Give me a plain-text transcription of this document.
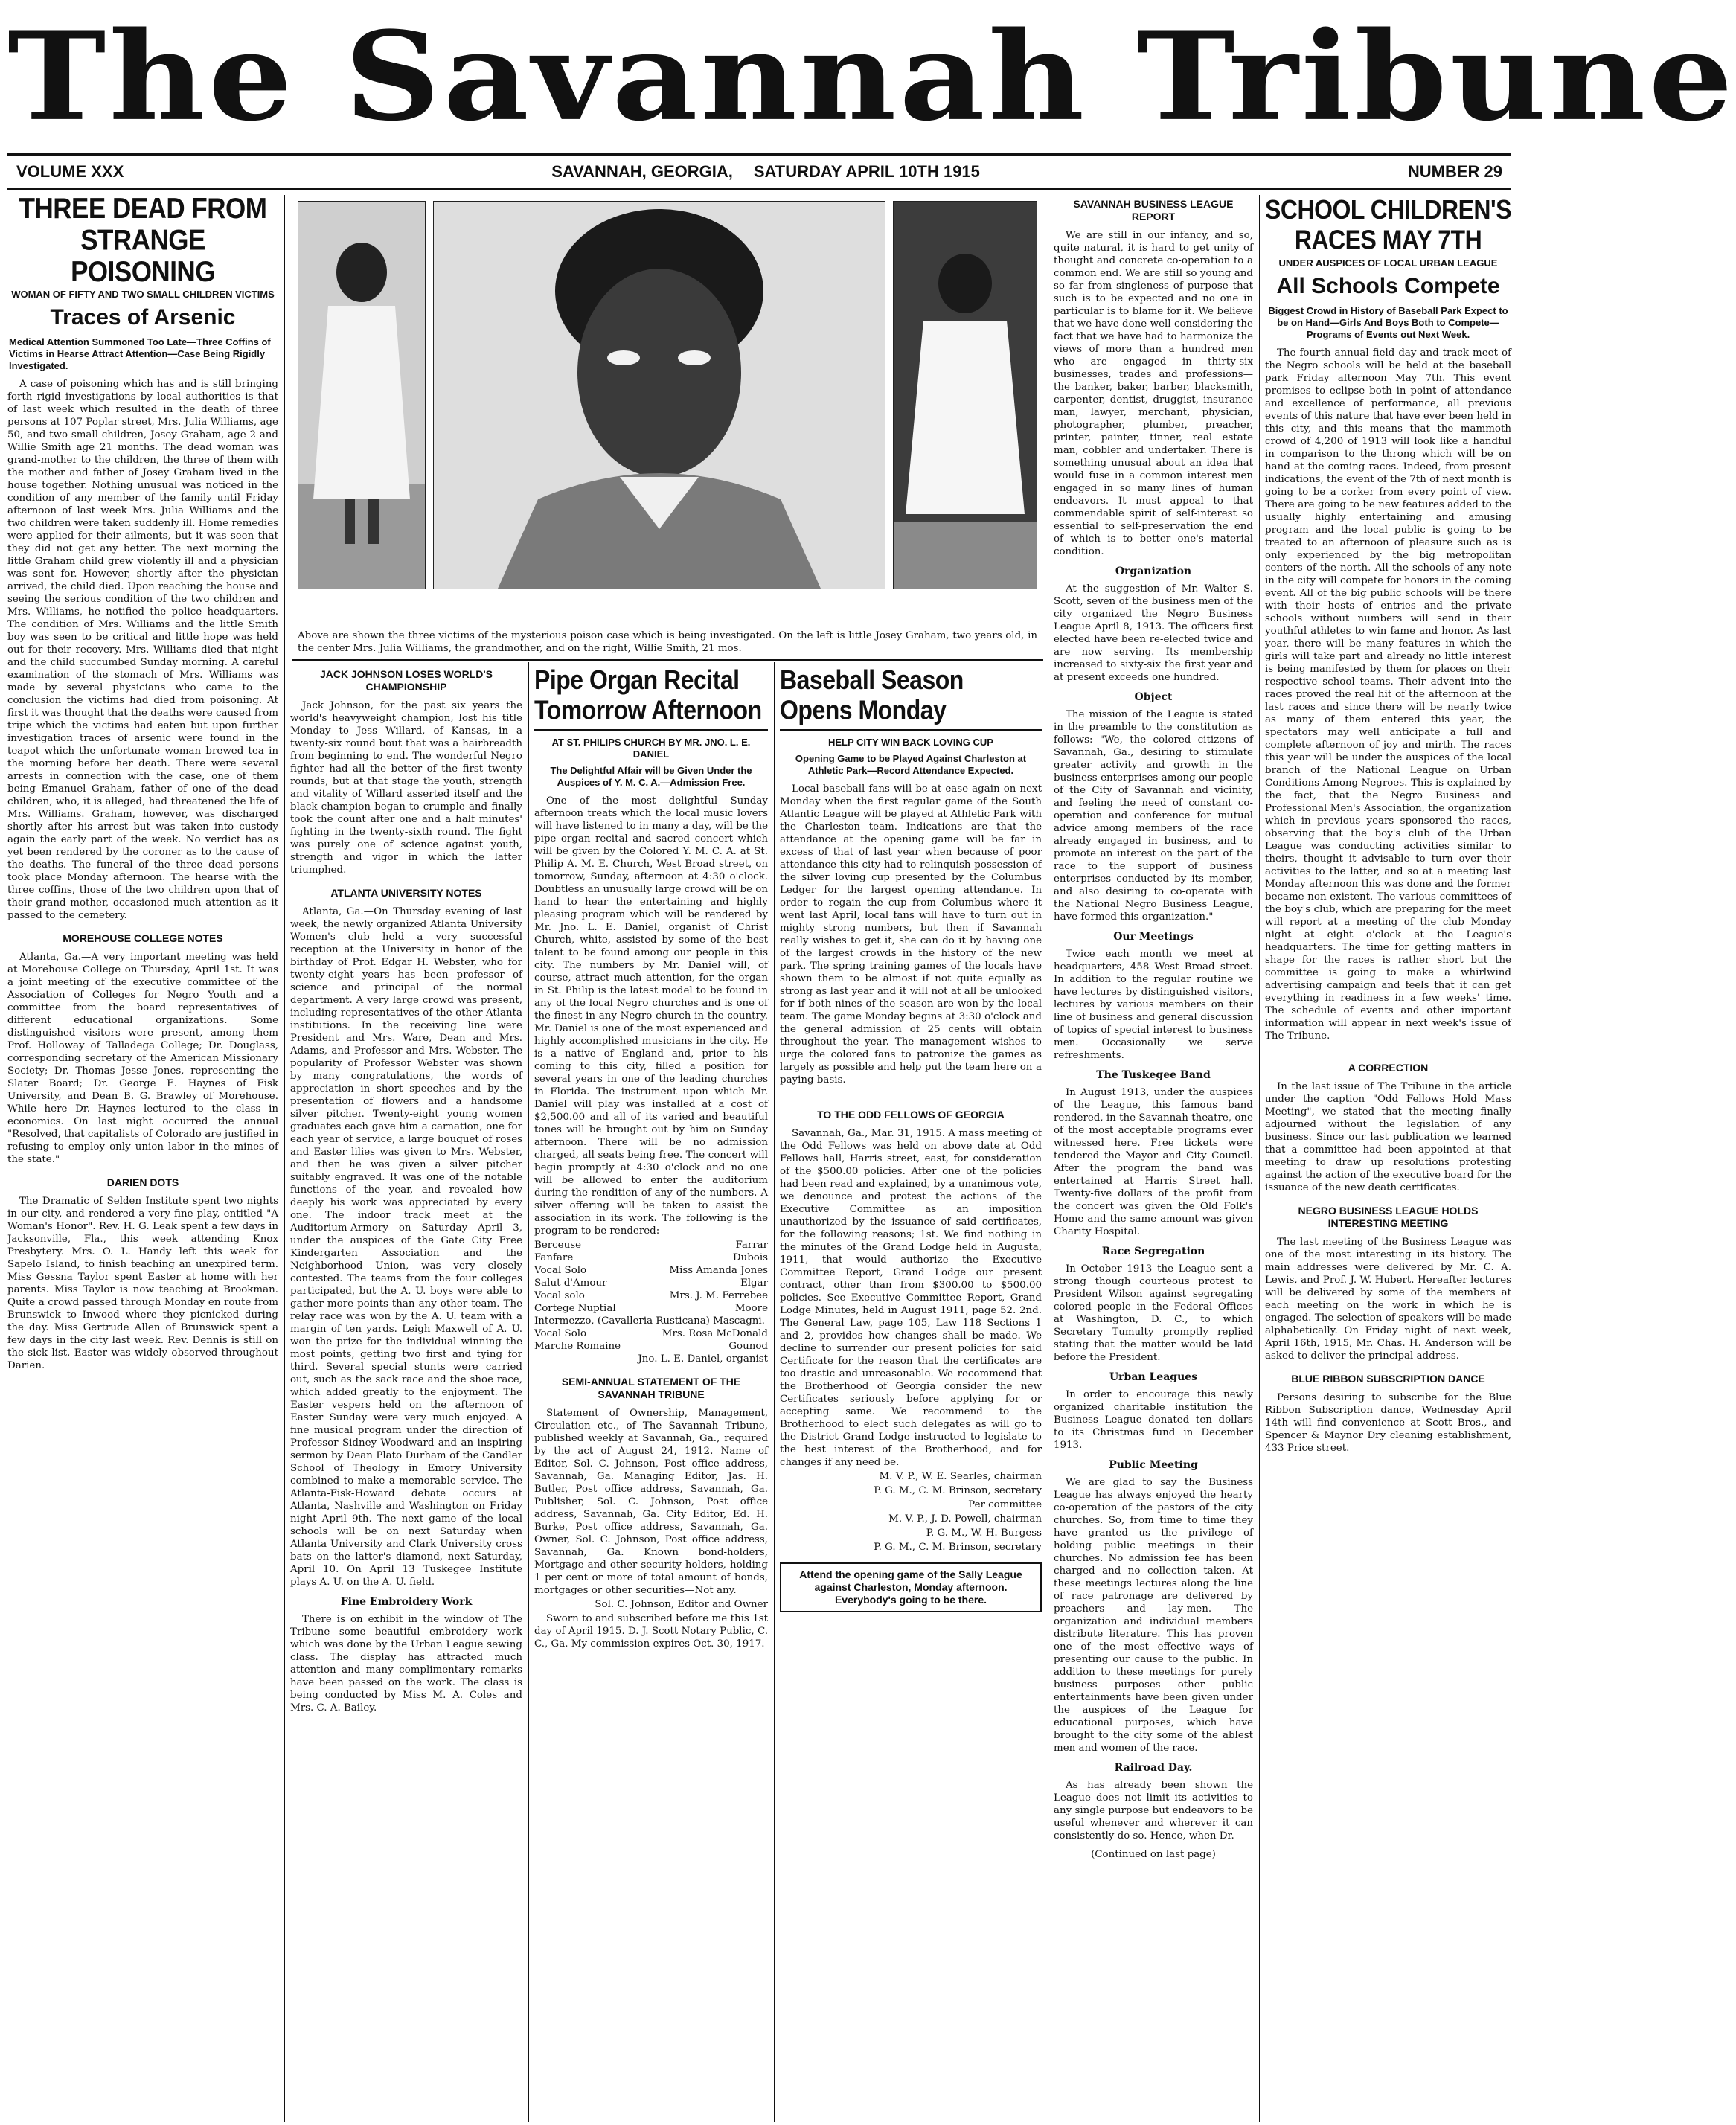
The Savannah Tribune
VOLUME XXX	SAVANNAH, GEORGIA, SATURDAY APRIL 10TH 1915	NUMBER 29
THREE DEAD FROM STRANGE POISONING
WOMAN OF FIFTY AND TWO SMALL CHILDREN VICTIMS
Traces of Arsenic
Medical Attention Summoned Too Late—Three Coffins of Victims in Hearse Attract Attention—Case Being Rigidly Investigated.

A case of poisoning which has and is still bringing forth rigid investigations by local authorities is that of last week which resulted in the death of three persons at 107 Poplar street, Mrs. Julia Williams, age 50, and two small children, Josey Graham, age 2 and Willie Smith age 21 months. The dead woman was grand-mother to the children, the three of them with the mother and father of Josey Graham lived in the house together. Nothing unusual was noticed in the condition of any member of the family until Friday afternoon of last week Mrs. Julia Williams and the two children were taken suddenly ill. Home remedies were applied for their ailments, but it was seen that they did not get any better. The next morning the little Graham child grew violently ill and a physician was sent for. However, shortly after the physician arrived, the child died. Upon reaching the house and seeing the serious condition of the two children and Mrs. Williams, he notified the police headquarters. The condition of Mrs. Williams and the little Smith boy was seen to be critical and little hope was held out for their recovery. Mrs. Williams died that night and the child succumbed Sunday morning. A careful examination of the stomach of Mrs. Williams was made by several physicians who came to the conclusion the victims had died from poisoning. At first it was thought that the deaths were caused from tripe which the victims had eaten but upon further investigation traces of arsenic were found in the teapot which the unfortunate woman brewed tea in the morning before her death. There were several arrests in connection with the case, one of them being Emanuel Graham, father of one of the dead children, who, it is alleged, had threatened the life of Mrs. Williams. Graham, however, was discharged shortly after his arrest but was taken into custody again the early part of the week. No verdict has as yet been rendered by the coroner as to the cause of the deaths. The funeral of the three dead persons took place Monday afternoon. The hearse with the three coffins, those of the two children upon that of their grand mother, occasioned much attention as it passed to the cemetery.

MOREHOUSE COLLEGE NOTES

Atlanta, Ga.—A very important meeting was held at Morehouse College on Thursday, April 1st. It was a joint meeting of the executive committee of the Association of Colleges for Negro Youth and a committee from the board representatives of different educational organizations. Some distinguished visitors were present, among them Prof. Holloway of Talladega College; Dr. Douglass, corresponding secretary of the American Missionary Society; Dr. Thomas Jesse Jones, representing the Slater Board; Dr. George E. Haynes of Fisk University, and Dean B. G. Brawley of Morehouse. While here Dr. Haynes lectured to the class in economics. On last night occurred the annual "Resolved, that capitalists of Colorado are justified in refusing to employ only union labor in the mines of the state."

DARIEN DOTS

The Dramatic of Selden Institute spent two nights in our city, and rendered a very fine play, entitled "A Woman's Honor". Rev. H. G. Leak spent a few days in Jacksonville, Fla., this week attending Knox Presbytery. Mrs. O. L. Handy left this week for Sapelo Island, to finish teaching an unexpired term. Miss Gessna Taylor spent Easter at home with her parents. Miss Taylor is now teaching at Brookman. Quite a crowd passed through Monday en route from Brunswick to Inwood where they picnicked during the day. Miss Gertrude Allen of Brunswick spent a few days in the city last week. Rev. Dennis is still on the sick list. Easter was widely observed throughout Darien.

Above are shown the three victims of the mysterious poison case which is being investigated. On the left is little Josey Graham, two years old, in the center Mrs. Julia Williams, the grandmother, and on the right, Willie Smith, 21 mos.
JACK JOHNSON LOSES WORLD'S CHAMPIONSHIP

Jack Johnson, for the past six years the world's heavyweight champion, lost his title Monday to Jess Willard, of Kansas, in a twenty-six round bout that was a hairbreadth from beginning to end. The wonderful Negro fighter had all the better of the first twenty rounds, but at that stage the youth, strength and vitality of Willard asserted itself and the black champion began to crumple and finally took the count after one and a half minutes' fighting in the twenty-sixth round. The fight was purely one of science against youth, strength and vigor in which the latter triumphed.

ATLANTA UNIVERSITY NOTES

Atlanta, Ga.—On Thursday evening of last week, the newly organized Atlanta University Women's club held a very successful reception at the University in honor of the birthday of Prof. Edgar H. Webster, who for twenty-eight years has been professor of science and principal of the normal department. A very large crowd was present, including representatives of the other Atlanta institutions. In the receiving line were President and Mrs. Ware, Dean and Mrs. Adams, and Professor and Mrs. Webster. The popularity of Professor Webster was shown by many congratulations, the words of appreciation in short speeches and by the presentation of flowers and a handsome silver pitcher. Twenty-eight young women graduates each gave him a carnation, one for each year of service, a large bouquet of roses and Easter lilies was given to Mrs. Webster, and then he was given a silver pitcher suitably engraved. It was one of the notable functions of the year, and revealed how deeply his work was appreciated by every one. The indoor track meet at the Auditorium-Armory on Saturday April 3, under the auspices of the Gate City Free Kindergarten Association and the Neighborhood Union, was very closely contested. The teams from the four colleges participated, but the A. U. boys were able to gather more points than any other team. The relay race was won by the A. U. team with a margin of ten yards. Leigh Maxwell of A. U. won the prize for the individual winning the most points, getting two first and tying for third. Several special stunts were carried out, such as the sack race and the shoe race, which added greatly to the enjoyment. The Easter vespers held on the afternoon of Easter Sunday were very much enjoyed. A fine musical program under the direction of Professor Sidney Woodward and an inspiring sermon by Dean Plato Durham of the Candler School of Theology in Emory University combined to make a memorable service. The Atlanta-Fisk-Howard debate occurs at Atlanta, Nashville and Washington on Friday night April 9th. The next game of the local schools will be on next Saturday when Atlanta University and Clark University cross bats on the latter's diamond, next Saturday, April 10. On April 13 Tuskegee Institute plays A. U. on the A. U. field.

Fine Embroidery Work

There is on exhibit in the window of The Tribune some beautiful embroidery work which was done by the Urban League sewing class. The display has attracted much attention and many complimentary remarks have been passed on the work. The class is being conducted by Miss M. A. Coles and Mrs. C. A. Bailey.

Pipe Organ Recital Tomorrow Afternoon
AT ST. PHILIPS CHURCH BY MR. JNO. L. E. DANIEL
The Delightful Affair will be Given Under the Auspices of Y. M. C. A.—Admission Free.

One of the most delightful Sunday afternoon treats which the local music lovers will have listened to in many a day, will be the pipe organ recital and sacred concert which will be given by the Colored Y. M. C. A. at St. Philip A. M. E. Church, West Broad street, on tomorrow, Sunday, afternoon at 4:30 o'clock. Doubtless an unusually large crowd will be on hand to hear the entertaining and highly pleasing program which will be rendered by Mr. Jno. L. E. Daniel, organist of Christ Church, white, assisted by some of the best talent to be found among our people in this city. The numbers by Mr. Daniel will, of course, attract much attention, for the organ in St. Philip is the latest model to be found in any of the local Negro churches and is one of the finest in any Negro church in the country. Mr. Daniel is one of the most experienced and highly accomplished musicians in the city. He is a native of England and, prior to his coming to this city, filled a position for several years in one of the leading churches in Florida. The instrument upon which Mr. Daniel will play was installed at a cost of $2,500.00 and all of its varied and beautiful tones will be brought out by him on Sunday afternoon. There will be no admission charged, all seats being free. The concert will begin promptly at 4:30 o'clock and no one will be allowed to enter the auditorium during the rendition of any of the numbers. A silver offering will be taken to assist the association in its work. The following is the program to be rendered:

Berceuse	Farrar
Fanfare	Dubois
Vocal Solo	Miss Amanda Jones
Salut d'Amour	Elgar
Vocal solo	Mrs. J. M. Ferrebee
Cortege Nuptial	Moore
Intermezzo, (Cavalleria Rusticana) Mascagni.
Vocal Solo	Mrs. Rosa McDonald
Marche Romaine	Gounod

Jno. L. E. Daniel, organist

SEMI-ANNUAL STATEMENT OF THE SAVANNAH TRIBUNE

Statement of Ownership, Management, Circulation etc., of The Savannah Tribune, published weekly at Savannah, Ga., required by the act of August 24, 1912. Name of Editor, Sol. C. Johnson, Post office address, Savannah, Ga. Managing Editor, Jas. H. Butler, Post office address, Savannah, Ga. Publisher, Sol. C. Johnson, Post office address, Savannah, Ga. City Editor, Ed. H. Burke, Post office address, Savannah, Ga. Owner, Sol. C. Johnson, Post office address, Savannah, Ga. Known bond-holders, Mortgage and other security holders, holding 1 per cent or more of total amount of bonds, mortgages or other securities—Not any.

Sol. C. Johnson, Editor and Owner

Sworn to and subscribed before me this 1st day of April 1915. D. J. Scott Notary Public, C. C., Ga. My commission expires Oct. 30, 1917.

Baseball Season Opens Monday
HELP CITY WIN BACK LOVING CUP
Opening Game to be Played Against Charleston at Athletic Park—Record Attendance Expected.

Local baseball fans will be at ease again on next Monday when the first regular game of the South Atlantic League will be played at Athletic Park with the Charleston team. Indications are that the attendance at the opening game will be far in excess of that of last year when because of poor attendance this city had to relinquish possession of the silver loving cup presented by the Columbus Ledger for the largest opening attendance. In order to regain the cup from Columbus where it went last April, local fans will have to turn out in mighty strong numbers, but then if Savannah really wishes to get it, she can do it by having one of the largest crowds in the history of the new park. The spring training games of the locals have shown them to be almost if not quite equally as strong as last year and it will not at all be unlooked for if both nines of the season are won by the local team. The game Monday begins at 3:30 o'clock and the general admission of 25 cents will obtain throughout the year. The management wishes to urge the colored fans to patronize the games as largely as possible and help put the team here on a paying basis.

TO THE ODD FELLOWS OF GEORGIA

Savannah, Ga., Mar. 31, 1915. A mass meeting of the Odd Fellows was held on above date at Odd Fellows hall, Harris street, east, for consideration of the $500.00 policies. After one of the policies had been read and explained, by a unanimous vote, we denounce and protest the actions of the Executive Committee as an imposition unauthorized by the issuance of said certificates, for the following reasons; 1st. We find nothing in the minutes of the Grand Lodge held in Augusta, 1911, that would authorize the Executive Committee Report, Grand Lodge our present contract, other than from $300.00 to $500.00 policies. See Executive Committee Report, Grand Lodge Minutes, held in August 1911, page 52. 2nd. The General Law, page 105, Law 118 Sections 1 and 2, provides how changes shall be made. We decline to surrender our present policies for said Certificate for the reason that the certificates are too drastic and unreasonable. We recommend that the Brotherhood of Georgia consider the new Certificates seriously before applying for or accepting same. We recommend to the Brotherhood to elect such delegates as will go to the District Grand Lodge instructed to legislate to the best interest of the Brotherhood, and for changes if any need be.

M. V. P., W. E. Searles, chairman

P. G. M., C. M. Brinson, secretary

Per committee

M. V. P., J. D. Powell, chairman

P. G. M., W. H. Burgess

P. G. M., C. M. Brinson, secretary

Attend the opening game of the Sally League against Charleston, Monday afternoon. Everybody's going to be there.
SAVANNAH BUSINESS LEAGUE REPORT

We are still in our infancy, and so, quite natural, it is hard to get unity of thought and concrete co-operation to a common end. We are still so young and so far from singleness of purpose that such is to be expected and no one in particular is to blame for it. We believe that we have done well considering the fact that we have had to harmonize the views of more than a hundred men who are engaged in thirty-six businesses, trades and professions—the banker, baker, barber, blacksmith, carpenter, dentist, druggist, insurance man, lawyer, merchant, physician, photographer, plumber, preacher, printer, painter, tinner, real estate man, cobbler and undertaker. There is something unusual about an idea that would fuse in a common interest men engaged in so many lines of human endeavors. It must appeal to that commendable spirit of self-interest so essential to self-preservation the end of which is to better one's material condition.

Organization

At the suggestion of Mr. Walter S. Scott, seven of the business men of the city organized the Negro Business League April 8, 1913. The officers first elected have been re-elected twice and are now serving. Its membership increased to sixty-six the first year and at present exceeds one hundred.

Object

The mission of the League is stated in the preamble to the constitution as follows: "We, the colored citizens of Savannah, Ga., desiring to stimulate greater activity and growth in the business enterprises among our people of the City of Savannah and vicinity, and feeling the need of constant co-operation and conference for mutual advice among members of the race already engaged in business, and to promote an interest on the part of the race to the support of business enterprises conducted by its member, and also desiring to co-operate with the National Negro Business League, have formed this organization."

Our Meetings

Twice each month we meet at headquarters, 458 West Broad street. In addition to the regular routine we have lectures by distinguished visitors, lectures by various members on their line of business and general discussion of topics of special interest to business men. Occasionally we serve refreshments.

The Tuskegee Band

In August 1913, under the auspices of the League, this famous band rendered, in the Savannah theatre, one of the most acceptable programs ever witnessed here. Free tickets were tendered the Mayor and City Council. After the program the band was entertained at Harris Street hall. Twenty-five dollars of the profit from the concert was given the Old Folk's Home and the same amount was given Charity Hospital.

Race Segregation

In October 1913 the League sent a strong though courteous protest to President Wilson against segregating colored people in the Federal Offices at Washington, D. C., to which Secretary Tumulty promptly replied stating that the matter would be laid before the President.

Urban Leagues

In order to encourage this newly organized charitable institution the Business League donated ten dollars to its Christmas fund in December 1913.

Public Meeting

We are glad to say the Business League has always enjoyed the hearty co-operation of the pastors of the city churches. So, from time to time they have granted us the privilege of holding public meetings in their churches. No admission fee has been charged and no collection taken. At these meetings lectures along the line of race patronage are delivered by preachers and lay-men. The organization and individual members distribute literature. This has proven one of the most effective ways of presenting our cause to the public. In addition to these meetings for purely business purposes other public entertainments have been given under the auspices of the League for educational purposes, which have brought to the city some of the ablest men and women of the race.

Railroad Day.

As has already been shown the League does not limit its activities to any single purpose but endeavors to be useful whenever and wherever it can consistently do so. Hence, when Dr.

(Continued on last page)

SCHOOL CHILDREN'S RACES MAY 7TH
UNDER AUSPICES OF LOCAL URBAN LEAGUE
All Schools Compete
Biggest Crowd in History of Baseball Park Expect to be on Hand—Girls And Boys Both to Compete—Programs of Events out Next Week.

The fourth annual field day and track meet of the Negro schools will be held at the baseball park Friday afternoon May 7th. This event promises to eclipse both in point of attendance and excellence of performance, all previous events of this nature that have ever been held in this city, and this means that the mammoth crowd of 4,200 of 1913 will look like a handful in comparison to the throng which will be on hand at the coming races. Indeed, from present indications, the event of the 7th of next month is going to be a corker from every point of view. There are going to be new features added to the usually highly entertaining and amusing program and the local public is going to be treated to an afternoon of pleasure such as is only experienced by the big metropolitan centers of the north. All the schools of any note in the city will compete for honors in the coming event. All of the big public schools will be there with their hosts of entries and the private schools without numbers will send in their youthful athletes to win fame and honor. As last year, there will be many features in which the girls will take part and already no little interest is being manifested by them for places on their respective school teams. Their advent into the races proved the real hit of the afternoon at the last races and since there will be nearly twice as many of them entered this year, the spectators may well anticipate a full and complete afternoon of joy and mirth. The races this year will be under the auspices of the local branch of the National League on Urban Conditions Among Negroes. This is explained by the fact, that the Negro Business and Professional Men's Association, the organization which in previous years sponsored the races, observing that the boy's club of the Urban League was conducting activities similar to theirs, thought it advisable to turn over their activities to the latter, and so at a meeting last Monday afternoon this was done and the former became non-existent. The various committees of the boy's club, which are preparing for the meet will report at a meeting of the club Monday night at eight o'clock at the League's headquarters. The time for getting matters in shape for the races is rather short but the committee is going to make a whirlwind advertising campaign and feels that it can get everything in readiness in a few weeks' time. The schedule of events and other important information will appear in next week's issue of The Tribune.

A CORRECTION

In the last issue of The Tribune in the article under the caption "Odd Fellows Hold Mass Meeting", we stated that the meeting finally adjourned without the legislation of any business. Since our last publication we learned that a committee had been appointed at that meeting to draw up resolutions protesting against the action of the executive board for the issuance of the new death certificates.

NEGRO BUSINESS LEAGUE HOLDS INTERESTING MEETING

The last meeting of the Business League was one of the most interesting in its history. The main addresses were delivered by Mr. C. A. Lewis, and Prof. J. W. Hubert. Hereafter lectures will be delivered by some of the members at each meeting on the work in which he is engaged. The selection of speakers will be made alphabetically. On Friday night of next week, April 16th, 1915, Mr. Chas. H. Anderson will be asked to deliver the principal address.

BLUE RIBBON SUBSCRIPTION DANCE

Persons desiring to subscribe for the Blue Ribbon Subscription dance, Wednesday April 14th will find convenience at Scott Bros., and Spencer & Maynor Dry cleaning establishment, 433 Price street.
